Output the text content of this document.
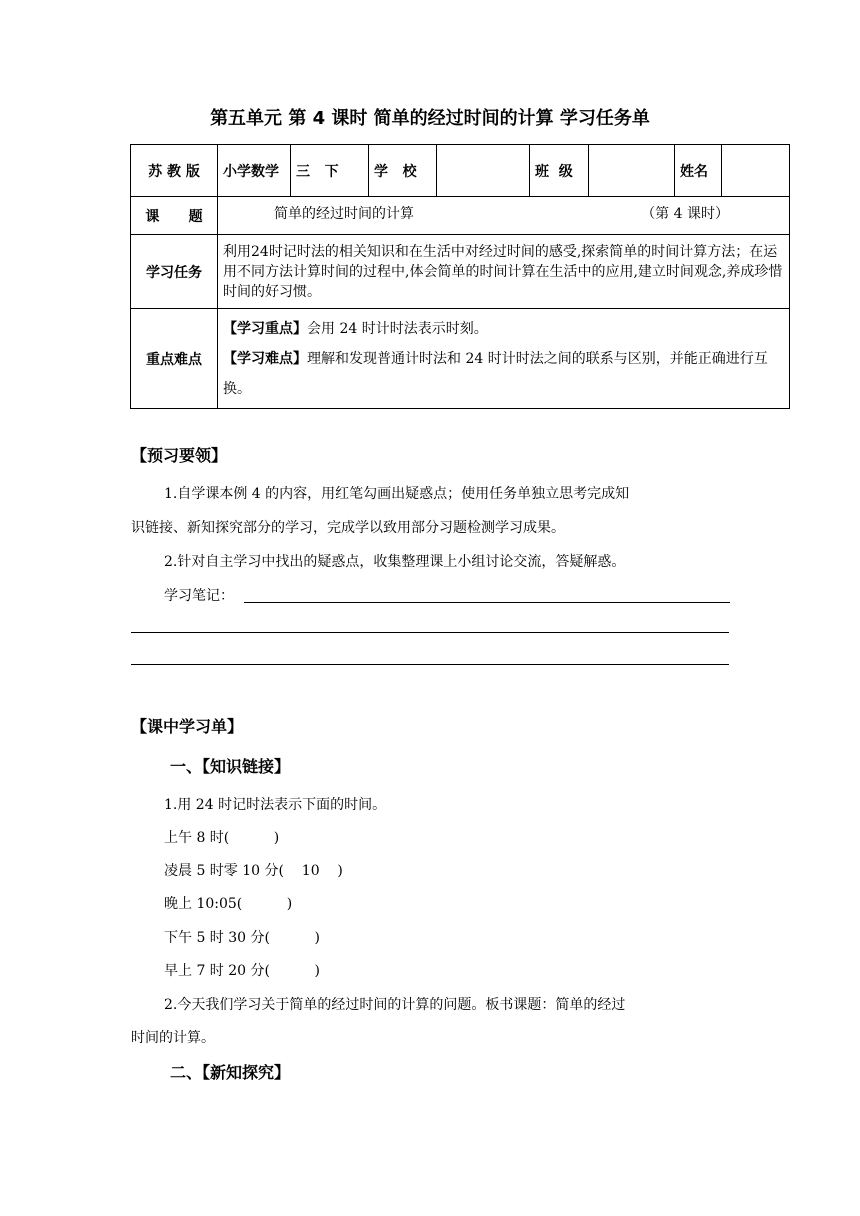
第五单元 第 4 课时 简单的经过时间的计算 学习任务单
苏 教 版	小学数学	三   下	学   校		班  级		姓名	
课      题	简单的经过时间的计算 （第 4 课时）							

学习任务	利用24时记时法的相关知识和在生活中对经过时间的感受,探索简单的时间计算方法；在运用不同方法计算时间的过程中,体会简单的时间计算在生活中的应用,建立时间观念,养成珍惜时间的好习惯。							
重点难点	【学习重点】会用 24 时计时法表示时刻。
【学习难点】理解和发现普通计时法和 24 时计时法之间的联系与区别，并能正确进行互换。							
【预习要领】
1.自学课本例 4 的内容，用红笔勾画出疑惑点；使用任务单独立思考完成知
识链接、新知探究部分的学习，完成学以致用部分习题检测学习成果。
2.针对自主学习中找出的疑惑点，收集整理课上小组讨论交流，答疑解惑。
学习笔记：
【课中学习单】
一、【知识链接】
1.用 24 时记时法表示下面的时间。
上午 8 时(          )
凌晨 5 时零 10 分(    10    )
晚上 10:05(          )
下午 5 时 30 分(          )
早上 7 时 20 分(          )
2.今天我们学习关于简单的经过时间的计算的问题。板书课题：简单的经过
时间的计算。
二、【新知探究】
